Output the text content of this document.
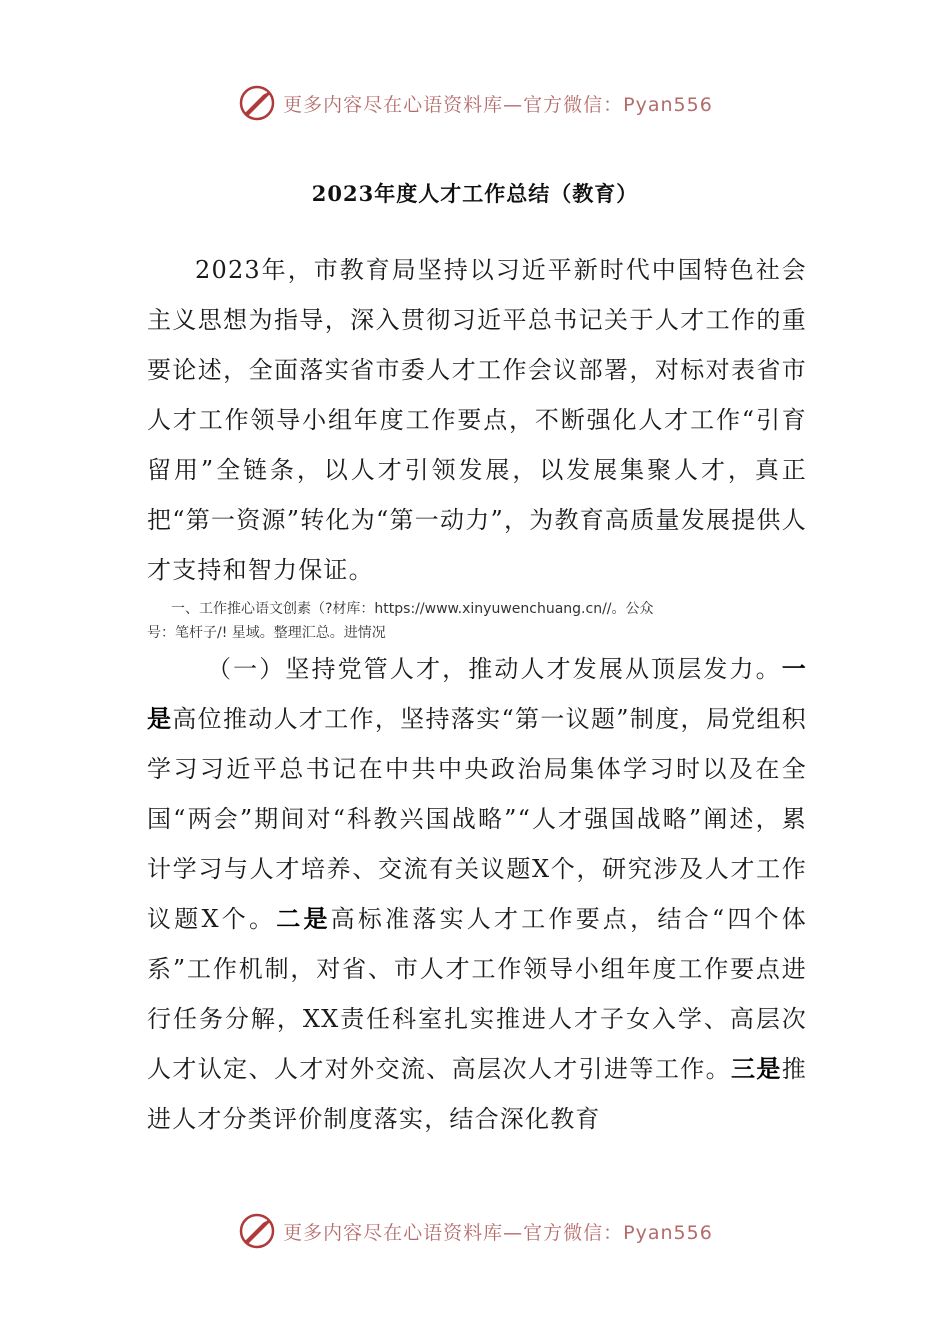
更多内容尽在心语资料库—官方微信：Pyan556
2023年度人才工作总结（教育）
2023年，市教育局坚持以习近平新时代中国特色社会主义思想为指导，深入贯彻习近平总书记关于人才工作的重要论述，全面落实省市委人才工作会议部署，对标对表省市人才工作领导小组年度工作要点，不断强化人才工作“引育留用”全链条，以人才引领发展，以发展集聚人才，真正把“第一资源”转化为“第一动力”，为教育高质量发展提供人才支持和智力保证。
一、工作推心语文创素（?材库：https://www.xinyuwenchuang.cn//。公众
号：笔杆子/! 星域。整理汇总。进情况
（一）坚持党管人才，推动人才发展从顶层发力。一是高位推动人才工作，坚持落实“第一议题”制度，局党组积学习习近平总书记在中共中央政治局集体学习时以及在全国“两会”期间对“科教兴国战略”“人才强国战略”阐述，累计学习与人才培养、交流有关议题X个，研究涉及人才工作议题X个。二是高标准落实人才工作要点，结合“四个体系”工作机制，对省、市人才工作领导小组年度工作要点进行任务分解，XX责任科室扎实推进人才子女入学、高层次人才认定、人才对外交流、高层次人才引进等工作。三是推进人才分类评价制度落实，结合深化教育
更多内容尽在心语资料库—官方微信：Pyan556
